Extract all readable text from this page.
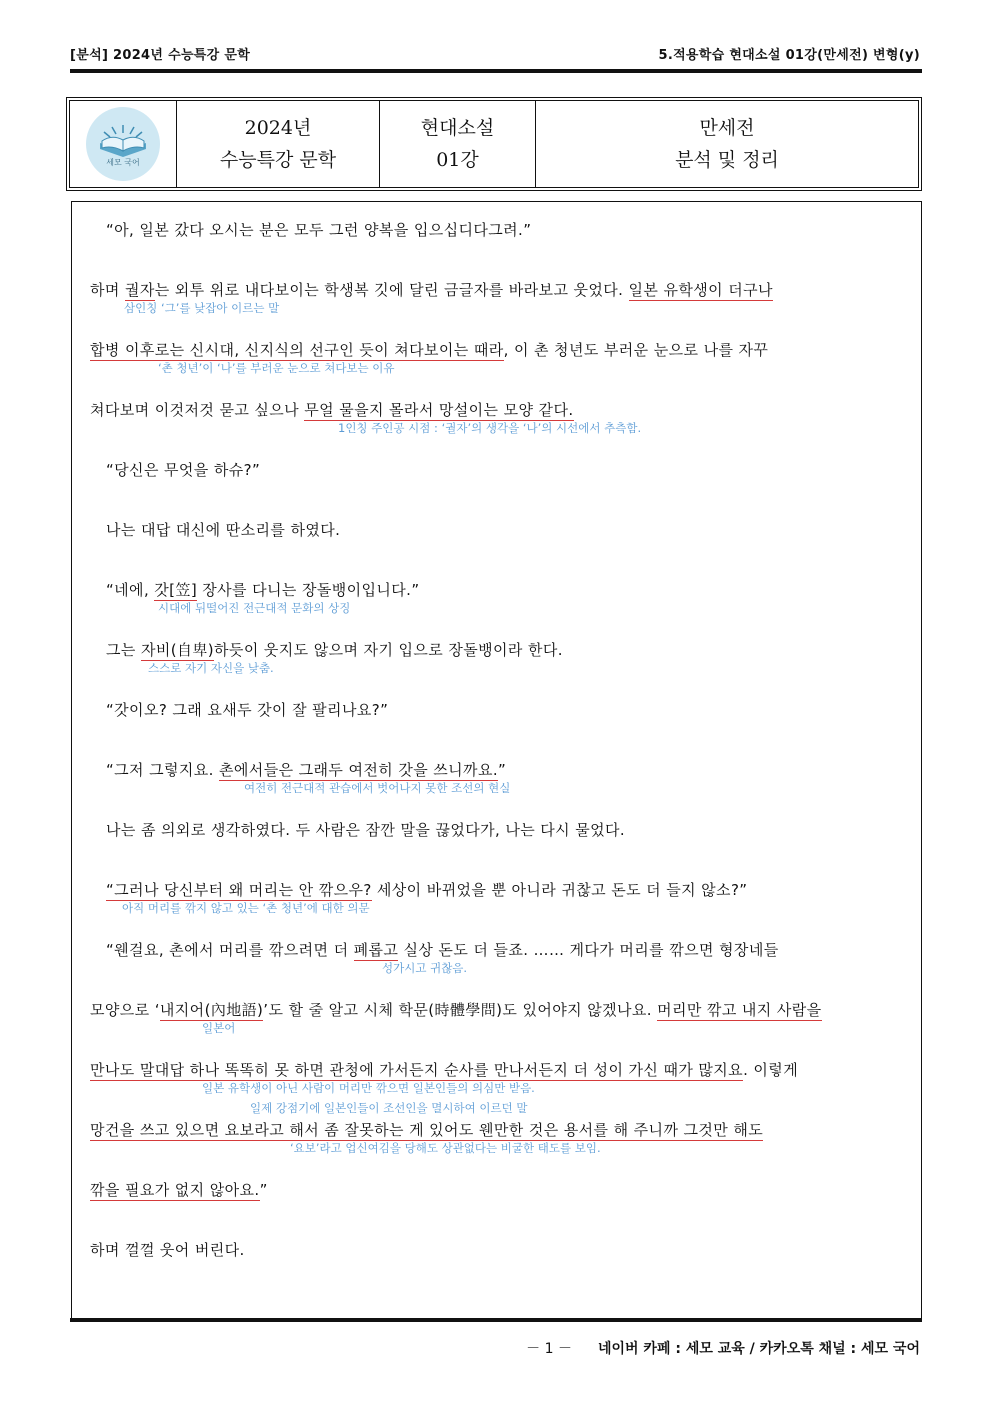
[분석] 2024년 수능특강 문학	5.적용학습 현대소설 01강(만세전) 변형(y)
세모 국어
2024년
수능특강 문학
현대소설
01강
만세전
분석 및 정리
“아, 일본 갔다 오시는 분은 모두 그런 양복을 입으십디다그려.”
하며 궐자는 외투 위로 내다보이는 학생복 깃에 달린 금글자를 바라보고 웃었다. 일본 유학생이 더구나
삼인칭 ‘그’를 낮잡아 이르는 말
합병 이후로는 신시대, 신지식의 선구인 듯이 쳐다보이는 때라, 이 촌 청년도 부러운 눈으로 나를 자꾸
‘촌 청년’이 ‘나’를 부러운 눈으로 쳐다보는 이유
쳐다보며 이것저것 묻고 싶으나 무얼 물을지 몰라서 망설이는 모양 같다.
1인칭 주인공 시점 : ‘궐자’의 생각을 ‘나’의 시선에서 추측함.
“당신은 무엇을 하슈?”
나는 대답 대신에 딴소리를 하였다.
“네에, 갓[笠] 장사를 다니는 장돌뱅이입니다.”
시대에 뒤떨어진 전근대적 문화의 상징
그는 자비(自卑)하듯이 웃지도 않으며 자기 입으로 장돌뱅이라 한다.
스스로 자기 자신을 낮춤.
“갓이오? 그래 요새두 갓이 잘 팔리나요?”
“그저 그렇지요. 촌에서들은 그래두 여전히 갓을 쓰니까요.”
여전히 전근대적 관습에서 벗어나지 못한 조선의 현실
나는 좀 의외로 생각하였다. 두 사람은 잠깐 말을 끊었다가, 나는 다시 물었다.
“그러나 당신부터 왜 머리는 안 깎으우? 세상이 바뀌었을 뿐 아니라 귀찮고 돈도 더 들지 않소?”
아직 머리를 깎지 않고 있는 ‘촌 청년’에 대한 의문
“웬걸요, 촌에서 머리를 깎으려면 더 폐롭고 실상 돈도 더 들죠. …… 게다가 머리를 깎으면 형장네들
성가시고 귀찮음.
모양으로 ‘내지어(內地語)’도 할 줄 알고 시체 학문(時體學問)도 있어야지 않겠나요. 머리만 깎고 내지 사람을
일본어
만나도 말대답 하나 똑똑히 못 하면 관청에 가서든지 순사를 만나서든지 더 성이 가신 때가 많지요. 이렇게
일본 유학생이 아닌 사람이 머리만 깎으면 일본인들의 의심만 받음.
일제 강점기에 일본인들이 조선인을 멸시하여 이르던 말
망건을 쓰고 있으면 요보라고 해서 좀 잘못하는 게 있어도 웬만한 것은 용서를 해 주니까 그것만 해도
‘요보’라고 업신여김을 당해도 상관없다는 비굴한 태도를 보임.
깎을 필요가 없지 않아요.”
하며 껄껄 웃어 버린다.
－ 1 － 네이버 카페 : 세모 교육 / 카카오톡 채널 : 세모 국어
